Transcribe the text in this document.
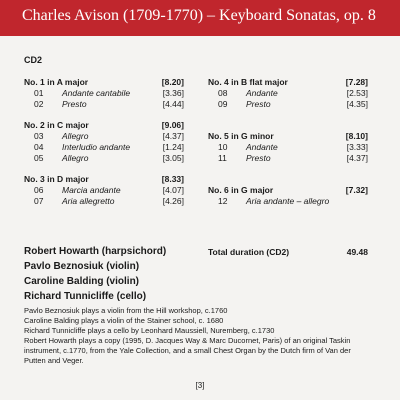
Charles Avison (1709-1770) – Keyboard Sonatas, op. 8
CD2
No. 1 in A major	[8.20]
01 Andante cantabile	[3.36]
02 Presto	[4.44]
No. 2 in C major	[9.06]
03 Allegro	[4.37]
04 Interludio andante	[1.24]
05 Allegro	[3.05]
No. 3 in D major	[8.33]
06 Marcia andante	[4.07]
07 Aria allegretto	[4.26]
No. 4 in B flat major	[7.28]
08 Andante	[2.53]
09 Presto	[4.35]
No. 5 in G minor	[8.10]
10 Andante	[3.33]
11 Presto	[4.37]
No. 6 in G major	[7.32]
12 Aria andante – allegro
Robert Howarth (harpsichord)
Pavlo Beznosiuk (violin)
Caroline Balding (violin)
Richard Tunnicliffe (cello)
Total duration (CD2)	49.48
Pavlo Beznosiuk plays a violin from the Hill workshop, c.1760
Caroline Balding plays a violin of the Stainer school, c. 1680
Richard Tunnicliffe plays a cello by Leonhard Maussiell, Nuremberg, c.1730
Robert Howarth plays a copy (1995, D. Jacques Way & Marc Ducornet, Paris) of an original Taskin instrument, c.1770, from the Yale Collection, and a small Chest Organ by the Dutch firm of Van der Putten and Veger.
[3]
